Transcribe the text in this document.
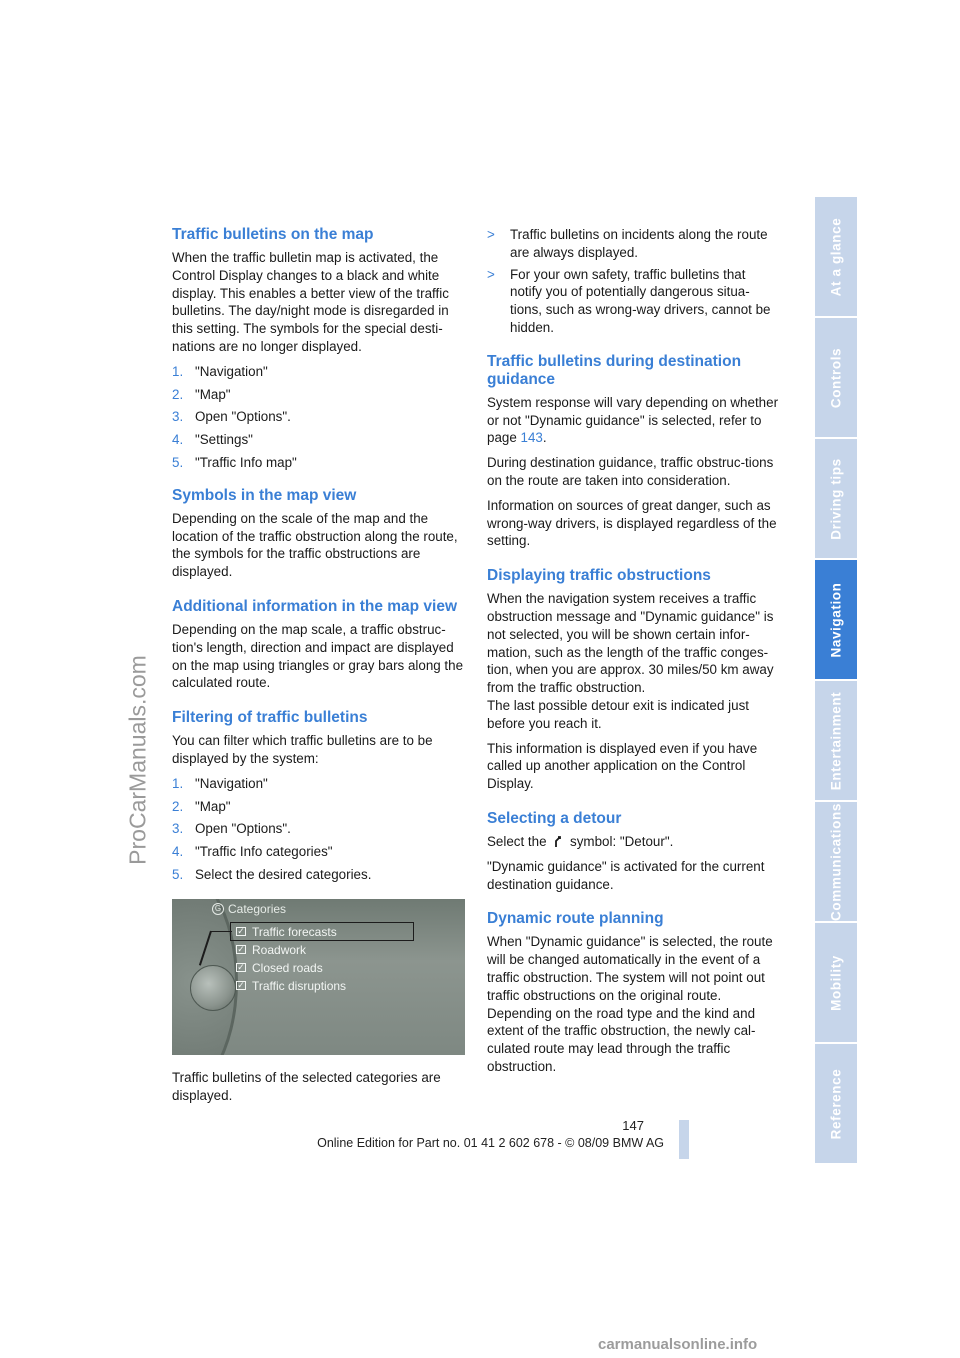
ProCarManuals.com
Traffic bulletins on the map

When the traffic bulletin map is activated, the Control Display changes to a black and white display. This enables a better view of the traffic bulletins. The day/night mode is disregarded in this setting. The symbols for the special desti-nations are no longer displayed.

1. "Navigation"
2. "Map"
3. Open "Options".
4. "Settings"
5. "Traffic Info map"
Symbols in the map view

Depending on the scale of the map and the location of the traffic obstruction along the route, the symbols for the traffic obstructions are displayed.

Additional information in the map view

Depending on the map scale, a traffic obstruc-tion's length, direction and impact are displayed on the map using triangles or gray bars along the calculated route.

Filtering of traffic bulletins

You can filter which traffic bulletins are to be displayed by the system:

1. "Navigation"
2. "Map"
3. Open "Options".
4. "Traffic Info categories"
5. Select the desired categories.
G Categories
✓ Traffic forecasts
✓ Roadwork
✓ Closed roads
✓ Traffic disruptions

Traffic bulletins of the selected categories are displayed.

>	Traffic bulletins on incidents along the route are always displayed.
>	For your own safety, traffic bulletins that notify you of potentially dangerous situa-tions, such as wrong-way drivers, cannot be hidden.
Traffic bulletins during destination guidance

System response will vary depending on whether or not "Dynamic guidance" is selected, refer to page 143.

During destination guidance, traffic obstruc-tions on the route are taken into consideration.

Information on sources of great danger, such as wrong-way drivers, is displayed regardless of the setting.

Displaying traffic obstructions

When the navigation system receives a traffic obstruction message and "Dynamic guidance" is not selected, you will be shown certain infor-mation, such as the length of the traffic conges-tion, when you are approx. 30 miles/50 km away from the traffic obstruction.

The last possible detour exit is indicated just before you reach it.

This information is displayed even if you have called up another application on the Control Display.

Selecting a detour

Select the symbol: "Detour".

"Dynamic guidance" is activated for the current destination guidance.

Dynamic route planning

When "Dynamic guidance" is selected, the route will be changed automatically in the event of a traffic obstruction. The system will not point out traffic obstructions on the original route. Depending on the road type and the kind and extent of the traffic obstruction, the newly cal-culated route may lead through the traffic obstruction.

At a glance
Controls
Driving tips
Navigation
Entertainment
Communications
Mobility
Reference
147
Online Edition for Part no. 01 41 2 602 678 - © 08/09 BMW AG
carmanualsonline.info
